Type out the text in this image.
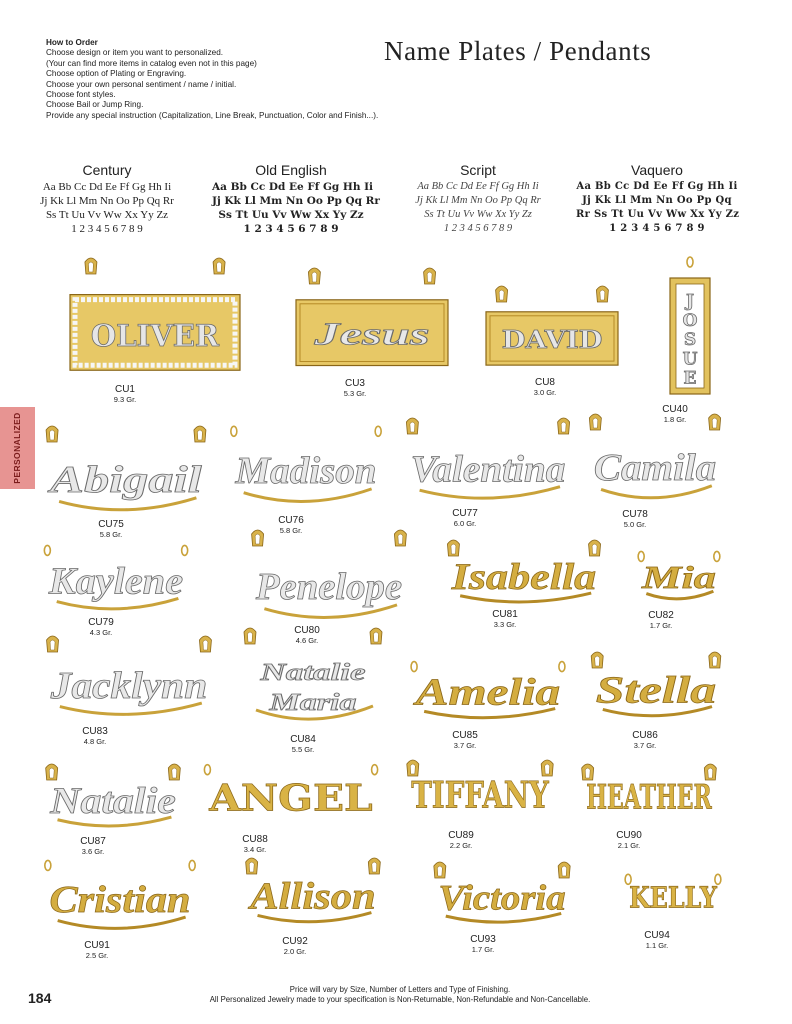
How to Order
Choose design or item you want to personalized.
(Your can find more items in catalog even not in this page)
Choose option of Plating or Engraving.
Choose your own personal sentiment / name / initial.
Choose font styles.
Choose Bail or Jump Ring.
Provide any special instruction (Capitalization, Line Break, Punctuation, Color and Finish...).
Name Plates / Pendants
Century
Aa Bb Cc Dd Ee Ff Gg Hh Ii
Jj Kk Ll Mm Nn Oo Pp Qq Rr
Ss Tt Uu Vv Ww Xx Yy Zz
1 2 3 4 5 6 7 8 9
Old English
Aa Bb Cc Dd Ee Ff Gg Hh Ii
Jj Kk Ll Mm Nn Oo Pp Qq Rr
Ss Tt Uu Vv Ww Xx Yy Zz
1 2 3 4 5 6 7 8 9
Script
Aa Bb Cc Dd Ee Ff Gg Hh Ii
Jj Kk Ll Mm Nn Oo Pp Qq Rr
Ss Tt Uu Vv Ww Xx Yy Zz
1 2 3 4 5 6 7 8 9
Vaquero
Aa Bb Cc Dd Ee Ff Gg Hh Ii
Jj Kk Ll Mm Nn Oo Pp Qq
Rr Ss Tt Uu Vv Ww Xx Yy Zz
1 2 3 4 5 6 7 8 9
PERSONALIZED
OLIVER
CU1
9.3 Gr.
Jesus
CU3
5.3 Gr.
DAVID
CU8
3.0 Gr.
J
O
S
U
E
CU40
1.8 Gr.
Abigail
CU75
5.8 Gr.
Madison
CU76
5.8 Gr.
Valentina
CU77
6.0 Gr.
Camila
CU78
5.0 Gr.
Kaylene
CU79
4.3 Gr.
Penelope
CU80
4.6 Gr.
Isabella
CU81
3.3 Gr.
Mia
CU82
1.7 Gr.
Jacklynn
CU83
4.8 Gr.
Natalie
Maria
CU84
5.5 Gr.
Amelia
CU85
3.7 Gr.
Stella
CU86
3.7 Gr.
Natalie
CU87
3.6 Gr.
ANGEL
CU88
3.4 Gr.
TIFFANY
CU89
2.2 Gr.
HEATHER
CU90
2.1 Gr.
Cristian
CU91
2.5 Gr.
Allison
CU92
2.0 Gr.
Victoria
CU93
1.7 Gr.
KELLY
CU94
1.1 Gr.
Price will vary by Size, Number of Letters and Type of Finishing.
All Personalized Jewelry made to your specification is Non-Returnable, Non-Refundable and Non-Cancellable.
184
